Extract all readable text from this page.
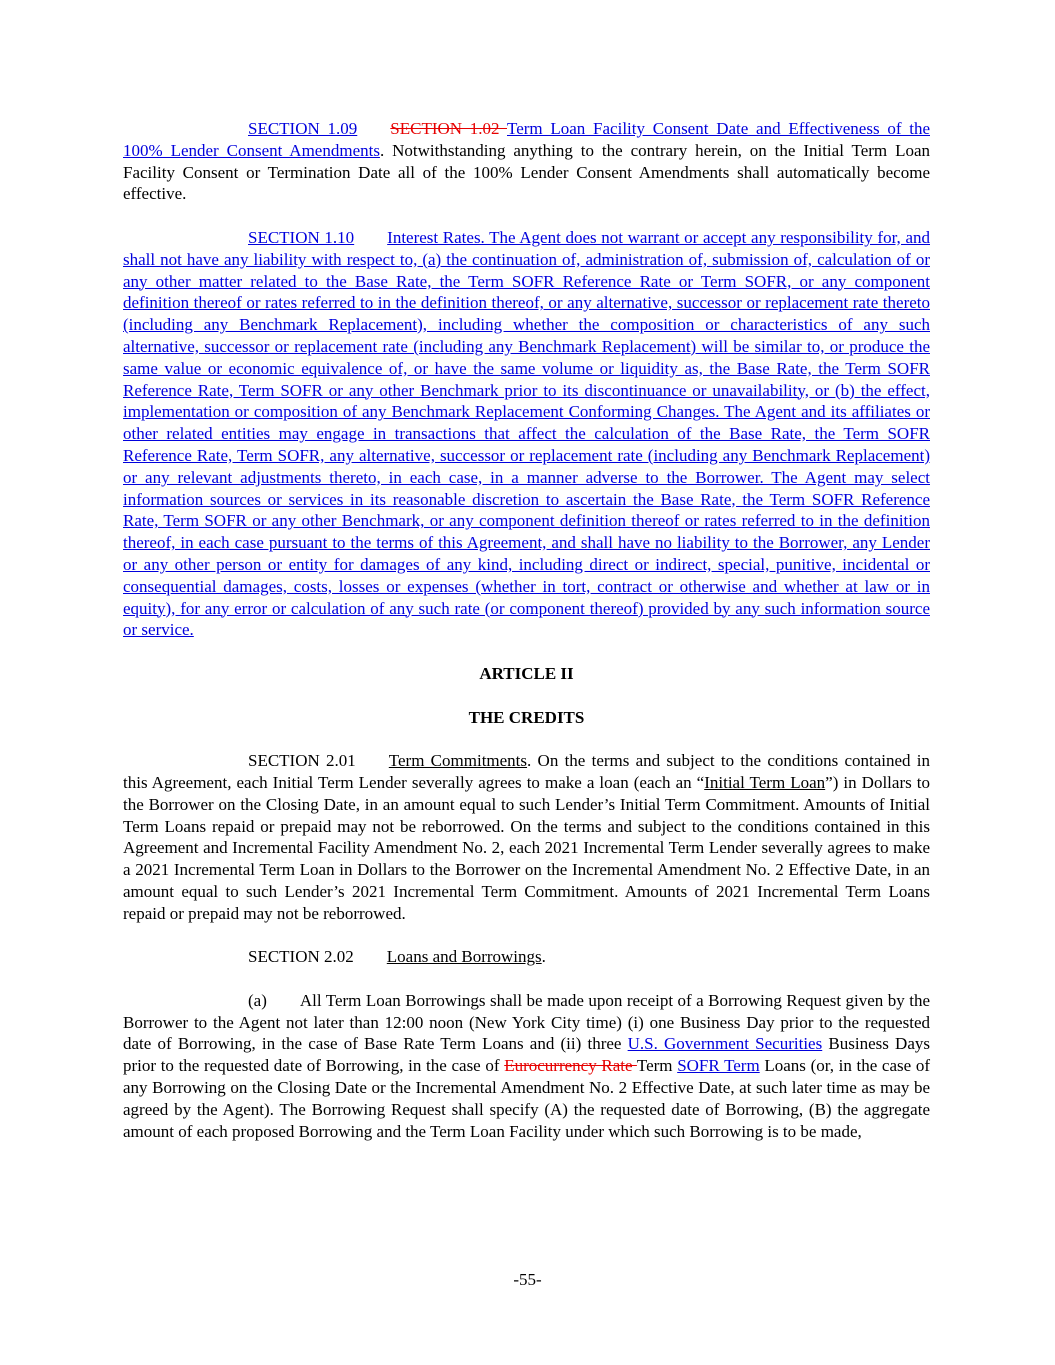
SECTION 1.09 SECTION 1.02 Term Loan Facility Consent Date and Effectiveness of the 100% Lender Consent Amendments. Notwithstanding anything to the contrary herein, on the Initial Term Loan Facility Consent or Termination Date all of the 100% Lender Consent Amendments shall automatically become effective.

SECTION 1.10 Interest Rates. The Agent does not warrant or accept any responsibility for, and shall not have any liability with respect to, (a) the continuation of, administration of, submission of, calculation of or any other matter related to the Base Rate, the Term SOFR Reference Rate or Term SOFR, or any component definition thereof or rates referred to in the definition thereof, or any alternative, successor or replacement rate thereto (including any Benchmark Replacement), including whether the composition or characteristics of any such alternative, successor or replacement rate (including any Benchmark Replacement) will be similar to, or produce the same value or economic equivalence of, or have the same volume or liquidity as, the Base Rate, the Term SOFR Reference Rate, Term SOFR or any other Benchmark prior to its discontinuance or unavailability, or (b) the effect, implementation or composition of any Benchmark Replacement Conforming Changes. The Agent and its affiliates or other related entities may engage in transactions that affect the calculation of the Base Rate, the Term SOFR Reference Rate, Term SOFR, any alternative, successor or replacement rate (including any Benchmark Replacement) or any relevant adjustments thereto, in each case, in a manner adverse to the Borrower. The Agent may select information sources or services in its reasonable discretion to ascertain the Base Rate, the Term SOFR Reference Rate, Term SOFR or any other Benchmark, or any component definition thereof or rates referred to in the definition thereof, in each case pursuant to the terms of this Agreement, and shall have no liability to the Borrower, any Lender or any other person or entity for damages of any kind, including direct or indirect, special, punitive, incidental or consequential damages, costs, losses or expenses (whether in tort, contract or otherwise and whether at law or in equity), for any error or calculation of any such rate (or component thereof) provided by any such information source or service.

ARTICLE II

THE CREDITS

SECTION 2.01 Term Commitments. On the terms and subject to the conditions contained in this Agreement, each Initial Term Lender severally agrees to make a loan (each an “Initial Term Loan”) in Dollars to the Borrower on the Closing Date, in an amount equal to such Lender’s Initial Term Commitment. Amounts of Initial Term Loans repaid or prepaid may not be reborrowed. On the terms and subject to the conditions contained in this Agreement and Incremental Facility Amendment No. 2, each 2021 Incremental Term Lender severally agrees to make a 2021 Incremental Term Loan in Dollars to the Borrower on the Incremental Amendment No. 2 Effective Date, in an amount equal to such Lender’s 2021 Incremental Term Commitment. Amounts of 2021 Incremental Term Loans repaid or prepaid may not be reborrowed.

SECTION 2.02 Loans and Borrowings.

(a) All Term Loan Borrowings shall be made upon receipt of a Borrowing Request given by the Borrower to the Agent not later than 12:00 noon (New York City time) (i) one Business Day prior to the requested date of Borrowing, in the case of Base Rate Term Loans and (ii) three U.S. Government Securities Business Days prior to the requested date of Borrowing, in the case of Eurocurrency Rate Term SOFR Term Loans (or, in the case of any Borrowing on the Closing Date or the Incremental Amendment No. 2 Effective Date, at such later time as may be agreed by the Agent). The Borrowing Request shall specify (A) the requested date of Borrowing, (B) the aggregate amount of each proposed Borrowing and the Term Loan Facility under which such Borrowing is to be made,

-55-
